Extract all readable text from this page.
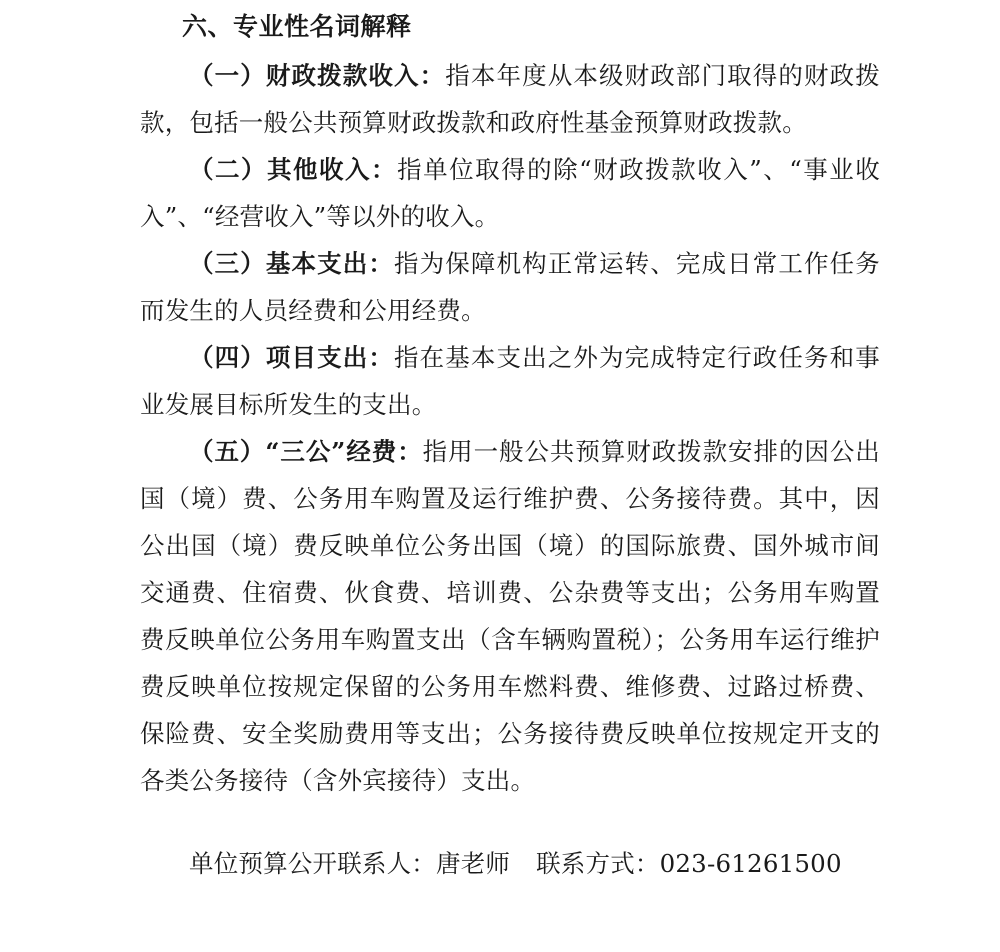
六、专业性名词解释

（一）财政拨款收入：指本年度从本级财政部门取得的财政拨款，包括一般公共预算财政拨款和政府性基金预算财政拨款。

（二）其他收入：指单位取得的除“财政拨款收入”、“事业收入”、“经营收入”等以外的收入。

（三）基本支出：指为保障机构正常运转、完成日常工作任务而发生的人员经费和公用经费。

（四）项目支出：指在基本支出之外为完成特定行政任务和事业发展目标所发生的支出。

（五）“三公”经费：指用一般公共预算财政拨款安排的因公出国（境）费、公务用车购置及运行维护费、公务接待费。其中，因公出国（境）费反映单位公务出国（境）的国际旅费、国外城市间交通费、住宿费、伙食费、培训费、公杂费等支出；公务用车购置费反映单位公务用车购置支出（含车辆购置税）；公务用车运行维护费反映单位按规定保留的公务用车燃料费、维修费、过路过桥费、保险费、安全奖励费用等支出；公务接待费反映单位按规定开支的各类公务接待（含外宾接待）支出。

单位预算公开联系人：唐老师 联系方式：023-61261500
